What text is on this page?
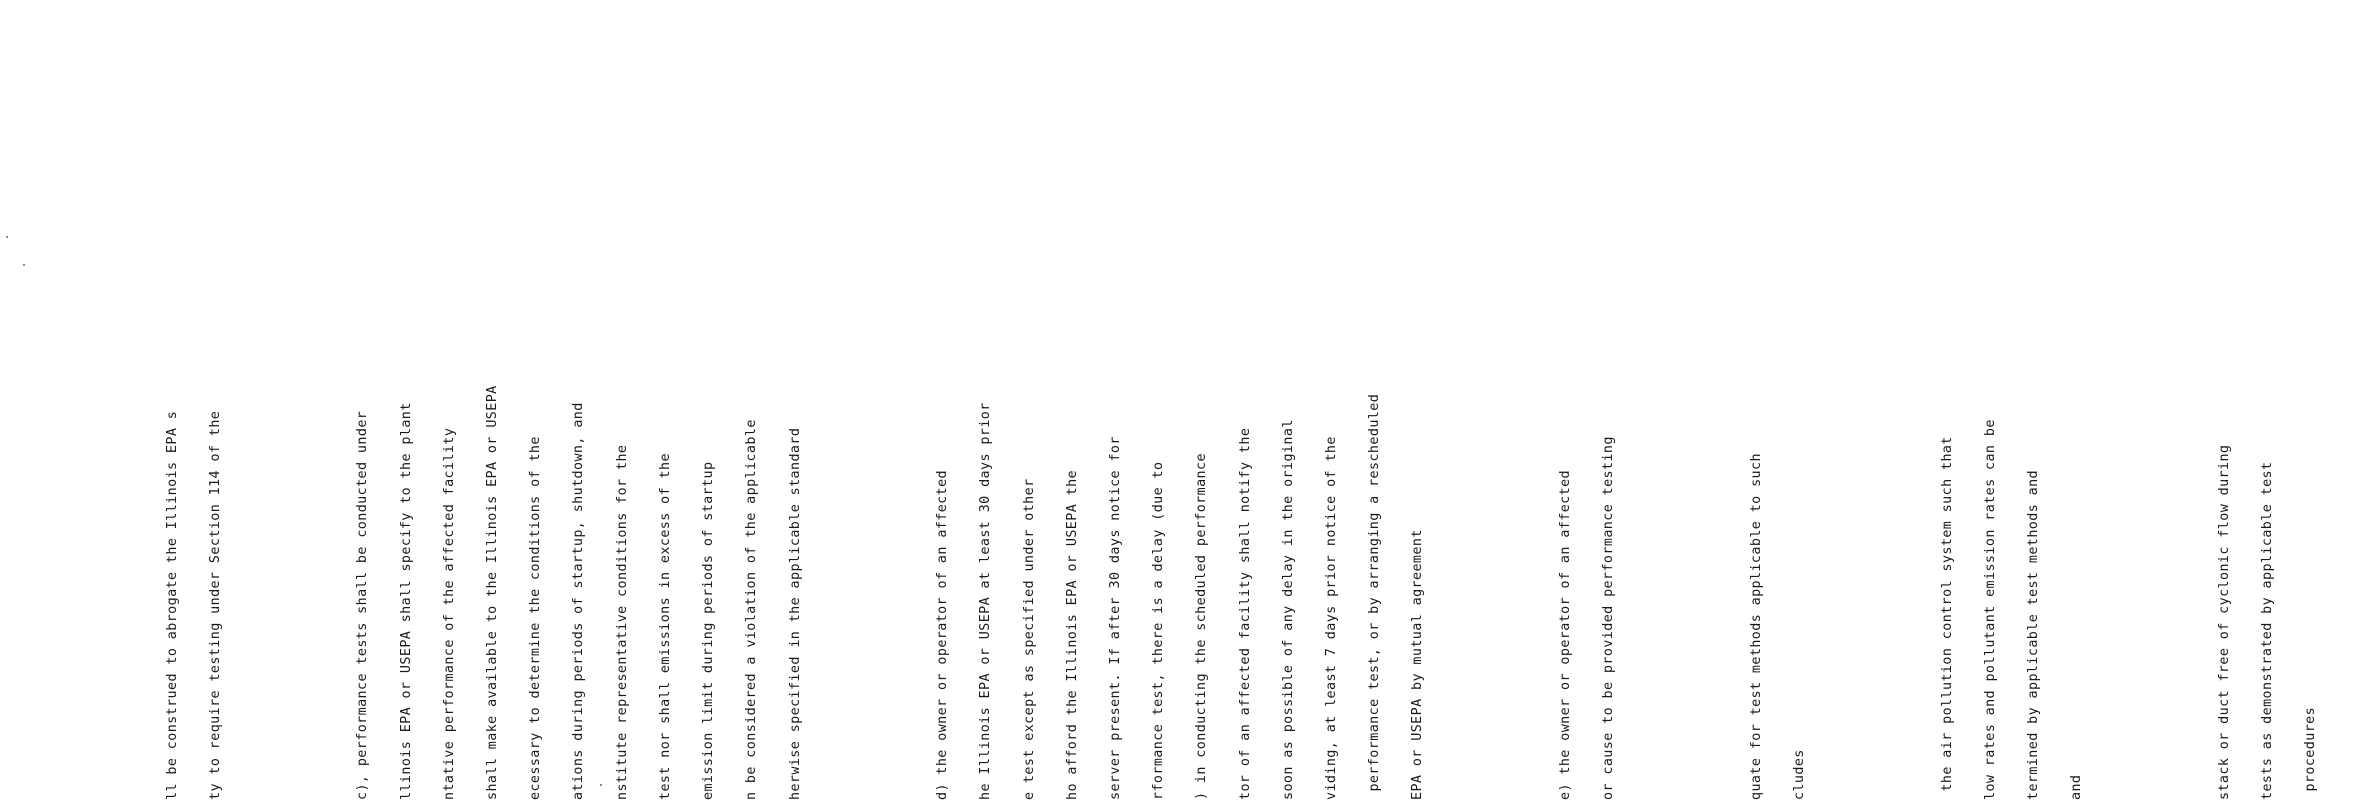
ll be construed to abrogate the Illinois EPA s

ty to require testing under Section 114 of the

	c), performance tests shall be conducted under

llinois EPA or USEPA shall specify to the plant

ntative performance of the affected facility

shall make available to the Illinois EPA or USEPA

ecessary to determine the conditions of the

ations during periods of startup, shutdown, and

nstitute representative conditions for the

test nor shall emissions in excess of the

emission limit during periods of startup

n be considered a violation of the applicable

herwise specified in the applicable standard

	d) the owner or operator of an affected

he Illinois EPA or USEPA at least 30 days prior

e test except as specified under other

ho afford the Illinois EPA or USEPA the

server present. If after 30 days notice for

rformance test, there is a delay (due to

) in conducting the scheduled performance

tor of an affected facility shall notify the

soon as possible of any delay in the original

viding, at least 7 days prior notice of the

performance test, or by arranging a rescheduled

EPA or USEPA by mutual agreement

	e) the owner or operator of an affected

or cause to be provided performance testing

	quate for test methods applicable to such

cludes

	the air pollution control system such that

low rates and pollutant emission rates can be

termined by applicable test methods and

and

	stack or duct free of cyclonic flow during

tests as demonstrated by applicable test

procedures
